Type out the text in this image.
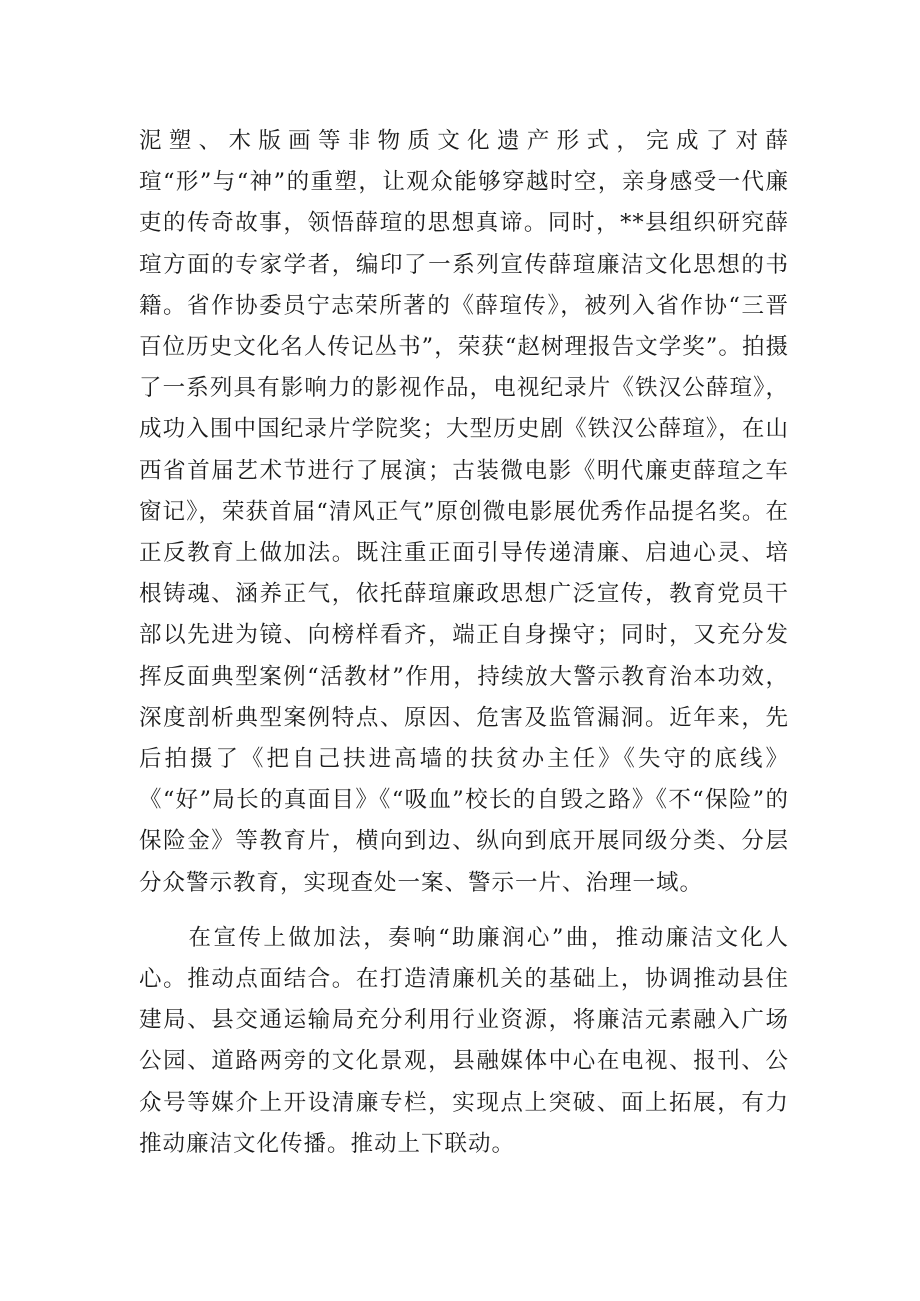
泥塑、木版画等非物质文化遗产形式，完成了对薛瑄“形”与“神”的重塑，让观众能够穿越时空，亲身感受一代廉吏的传奇故事，领悟薛瑄的思想真谛。同时，**县组织研究薛瑄方面的专家学者，编印了一系列宣传薛瑄廉洁文化思想的书籍。省作协委员宁志荣所著的《薛瑄传》，被列入省作协“三晋百位历史文化名人传记丛书”，荣获“赵树理报告文学奖”。拍摄了一系列具有影响力的影视作品，电视纪录片《铁汉公薛瑄》，成功入围中国纪录片学院奖；大型历史剧《铁汉公薛瑄》，在山西省首届艺术节进行了展演；古装微电影《明代廉吏薛瑄之车窗记》，荣获首届“清风正气”原创微电影展优秀作品提名奖。在正反教育上做加法。既注重正面引导传递清廉、启迪心灵、培根铸魂、涵养正气，依托薛瑄廉政思想广泛宣传，教育党员干部以先进为镜、向榜样看齐，端正自身操守；同时，又充分发挥反面典型案例“活教材”作用，持续放大警示教育治本功效，深度剖析典型案例特点、原因、危害及监管漏洞。近年来，先后拍摄了《把自己扶进高墙的扶贫办主任》《失守的底线》《“好”局长的真面目》《“吸血”校长的自毁之路》《不“保险”的保险金》等教育片，横向到边、纵向到底开展同级分类、分层分众警示教育，实现查处一案、警示一片、治理一域。

在宣传上做加法，奏响“助廉润心”曲，推动廉洁文化人心。推动点面结合。在打造清廉机关的基础上，协调推动县住建局、县交通运输局充分利用行业资源，将廉洁元素融入广场公园、道路两旁的文化景观，县融媒体中心在电视、报刊、公众号等媒介上开设清廉专栏，实现点上突破、面上拓展，有力推动廉洁文化传播。推动上下联动。
